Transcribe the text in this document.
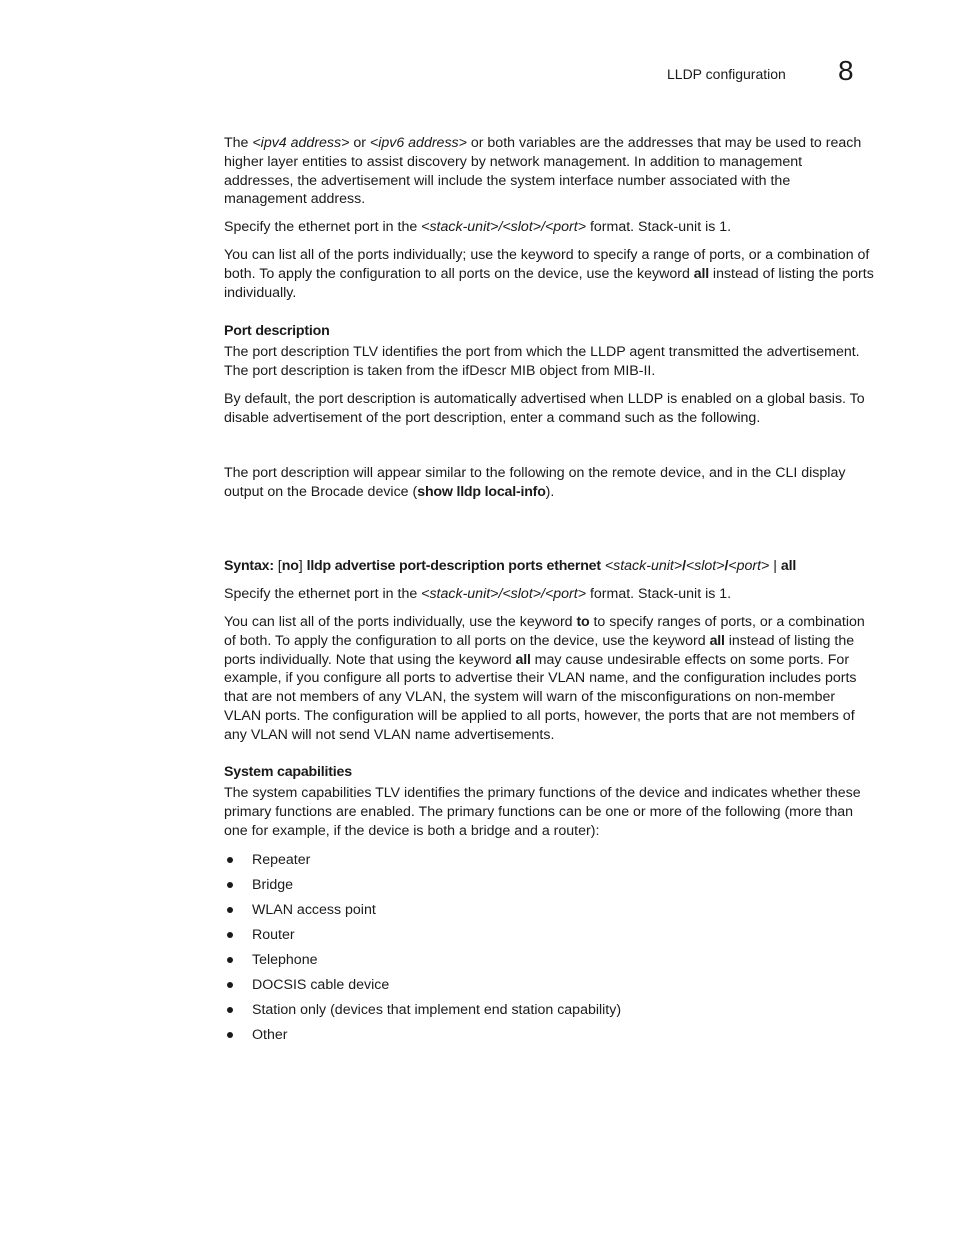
LLDP configuration 8

The <ipv4 address> or <ipv6 address> or both variables are the addresses that may be used to reach higher layer entities to assist discovery by network management. In addition to management addresses, the advertisement will include the system interface number associated with the management address.

Specify the ethernet port in the <stack-unit>/<slot>/<port> format. Stack-unit is 1.

You can list all of the ports individually; use the keyword to specify a range of ports, or a combination of both. To apply the configuration to all ports on the device, use the keyword all instead of listing the ports individually.

Port description

The port description TLV identifies the port from which the LLDP agent transmitted the advertisement. The port description is taken from the ifDescr MIB object from MIB-II.

By default, the port description is automatically advertised when LLDP is enabled on a global basis. To disable advertisement of the port description, enter a command such as the following.

The port description will appear similar to the following on the remote device, and in the CLI display output on the Brocade device (show lldp local-info).

Syntax: [no] lldp advertise port-description ports ethernet <stack-unit>/<slot>/<port> | all

Specify the ethernet port in the <stack-unit>/<slot>/<port> format. Stack-unit is 1.

You can list all of the ports individually, use the keyword to to specify ranges of ports, or a combination of both. To apply the configuration to all ports on the device, use the keyword all instead of listing the ports individually. Note that using the keyword all may cause undesirable effects on some ports. For example, if you configure all ports to advertise their VLAN name, and the configuration includes ports that are not members of any VLAN, the system will warn of the misconfigurations on non-member VLAN ports. The configuration will be applied to all ports, however, the ports that are not members of any VLAN will not send VLAN name advertisements.

System capabilities

The system capabilities TLV identifies the primary functions of the device and indicates whether these primary functions are enabled. The primary functions can be one or more of the following (more than one for example, if the device is both a bridge and a router):

Repeater
Bridge
WLAN access point
Router
Telephone
DOCSIS cable device
Station only (devices that implement end station capability)
Other
